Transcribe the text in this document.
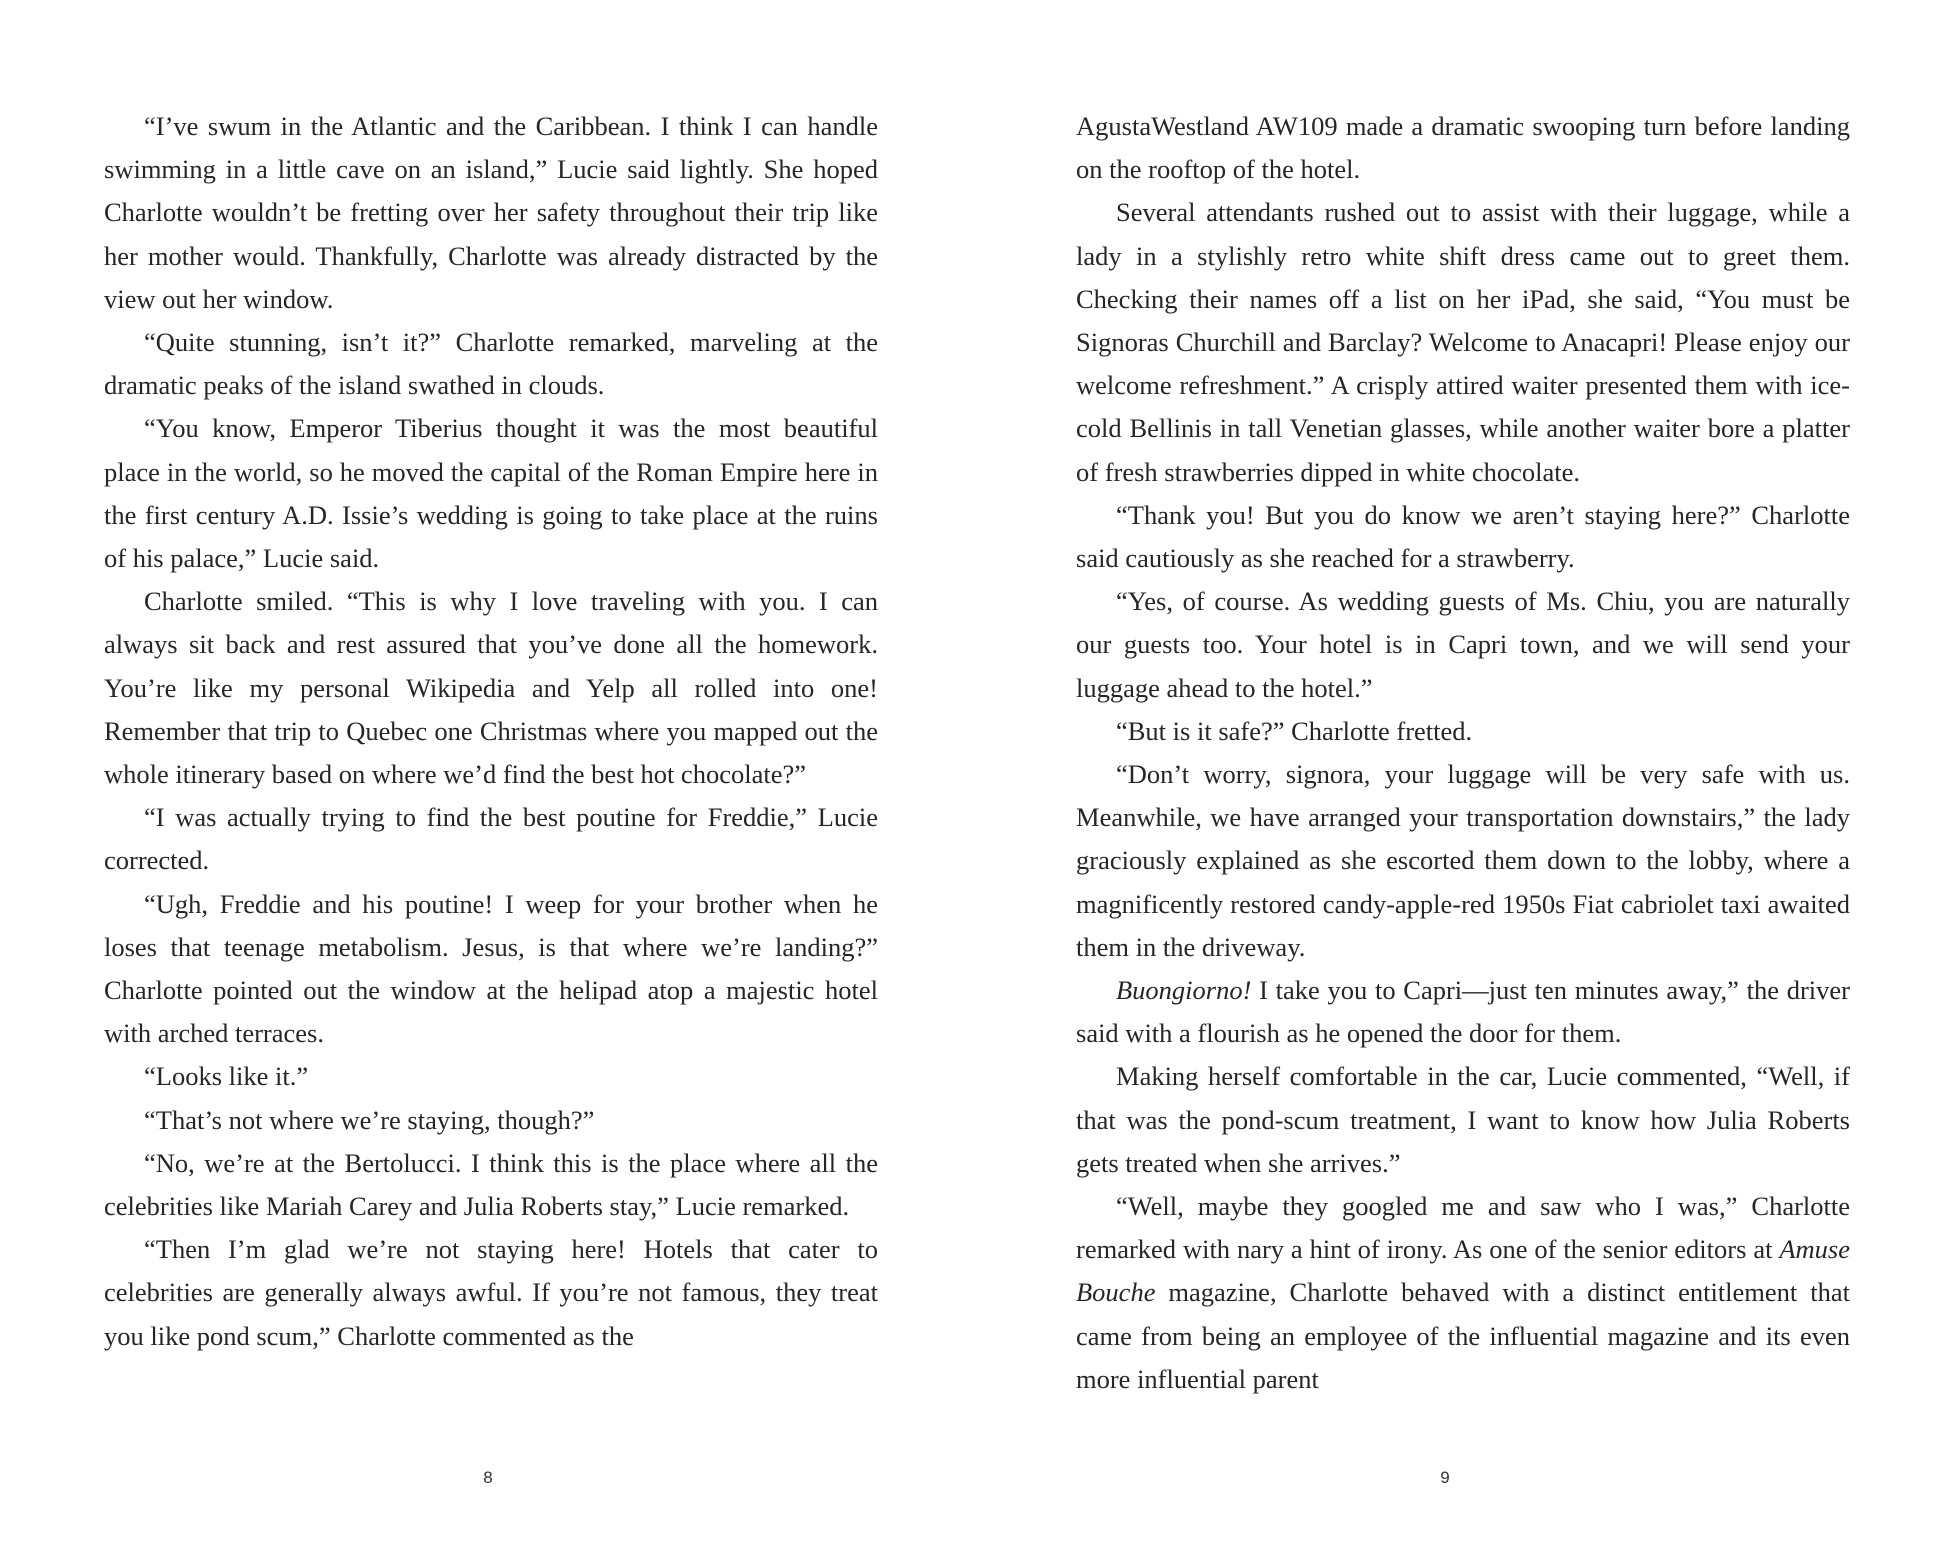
“I’ve swum in the Atlantic and the Caribbean. I think I can handle swimming in a little cave on an island,” Lucie said lightly. She hoped Charlotte wouldn’t be fretting over her safety throughout their trip like her mother would. Thankfully, Charlotte was already distracted by the view out her window.

“Quite stunning, isn’t it?” Charlotte remarked, marveling at the dramatic peaks of the island swathed in clouds.

“You know, Emperor Tiberius thought it was the most beautiful place in the world, so he moved the capital of the Roman Empire here in the first century A.D. Issie’s wedding is going to take place at the ruins of his palace,” Lucie said.

Charlotte smiled. “This is why I love traveling with you. I can always sit back and rest assured that you’ve done all the homework. You’re like my personal Wikipedia and Yelp all rolled into one! Remember that trip to Quebec one Christmas where you mapped out the whole itinerary based on where we’d find the best hot chocolate?”

“I was actually trying to find the best poutine for Freddie,” Lucie corrected.

“Ugh, Freddie and his poutine! I weep for your brother when he loses that teenage metabolism. Jesus, is that where we’re landing?” Charlotte pointed out the window at the helipad atop a majestic hotel with arched terraces.

“Looks like it.”

“That’s not where we’re staying, though?”

“No, we’re at the Bertolucci. I think this is the place where all the celebrities like Mariah Carey and Julia Roberts stay,” Lucie remarked.

“Then I’m glad we’re not staying here! Hotels that cater to celebrities are generally always awful. If you’re not famous, they treat you like pond scum,” Charlotte commented as the

8

AgustaWestland AW109 made a dramatic swooping turn before landing on the rooftop of the hotel.

Several attendants rushed out to assist with their luggage, while a lady in a stylishly retro white shift dress came out to greet them. Checking their names off a list on her iPad, she said, “You must be Signoras Churchill and Barclay? Welcome to Anacapri! Please enjoy our welcome refreshment.” A crisply attired waiter presented them with ice-cold Bellinis in tall Venetian glasses, while another waiter bore a platter of fresh strawberries dipped in white chocolate.

“Thank you! But you do know we aren’t staying here?” Charlotte said cautiously as she reached for a strawberry.

“Yes, of course. As wedding guests of Ms. Chiu, you are naturally our guests too. Your hotel is in Capri town, and we will send your luggage ahead to the hotel.”

“But is it safe?” Charlotte fretted.

“Don’t worry, signora, your luggage will be very safe with us. Meanwhile, we have arranged your transportation downstairs,” the lady graciously explained as she escorted them down to the lobby, where a magnificently restored candy-apple-red 1950s Fiat cabriolet taxi awaited them in the driveway.

Buongiorno! I take you to Capri—just ten minutes away,” the driver said with a flourish as he opened the door for them.

Making herself comfortable in the car, Lucie commented, “Well, if that was the pond-scum treatment, I want to know how Julia Roberts gets treated when she arrives.”

“Well, maybe they googled me and saw who I was,” Charlotte remarked with nary a hint of irony. As one of the senior editors at Amuse Bouche magazine, Charlotte behaved with a distinct entitlement that came from being an employee of the influential magazine and its even more influential parent

9
